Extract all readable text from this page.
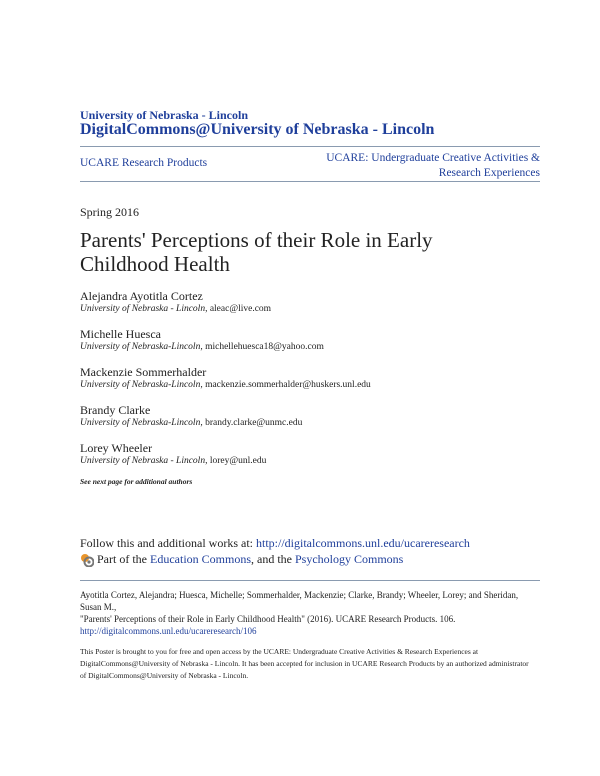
University of Nebraska - Lincoln
DigitalCommons@University of Nebraska - Lincoln
UCARE Research Products	UCARE: Undergraduate Creative Activities &
Research Experiences
Spring 2016
Parents' Perceptions of their Role in Early
Childhood Health
Alejandra Ayotitla Cortez
University of Nebraska - Lincoln, aleac@live.com
Michelle Huesca
University of Nebraska-Lincoln, michellehuesca18@yahoo.com
Mackenzie Sommerhalder
University of Nebraska-Lincoln, mackenzie.sommerhalder@huskers.unl.edu
Brandy Clarke
University of Nebraska-Lincoln, brandy.clarke@unmc.edu
Lorey Wheeler
University of Nebraska - Lincoln, lorey@unl.edu
See next page for additional authors
Follow this and additional works at: http://digitalcommons.unl.edu/ucareresearch
Part of the
Education Commons , and the
Psychology Commons
Ayotitla Cortez, Alejandra; Huesca, Michelle; Sommerhalder, Mackenzie; Clarke, Brandy; Wheeler, Lorey; and Sheridan, Susan M.,
"Parents' Perceptions of their Role in Early Childhood Health" (2016). UCARE Research Products. 106.
http://digitalcommons.unl.edu/ucareresearch/106
This Poster is brought to you for free and open access by the UCARE: Undergraduate Creative Activities & Research Experiences at
DigitalCommons@University of Nebraska - Lincoln. It has been accepted for inclusion in UCARE Research Products by an authorized administrator
of DigitalCommons@University of Nebraska - Lincoln.
